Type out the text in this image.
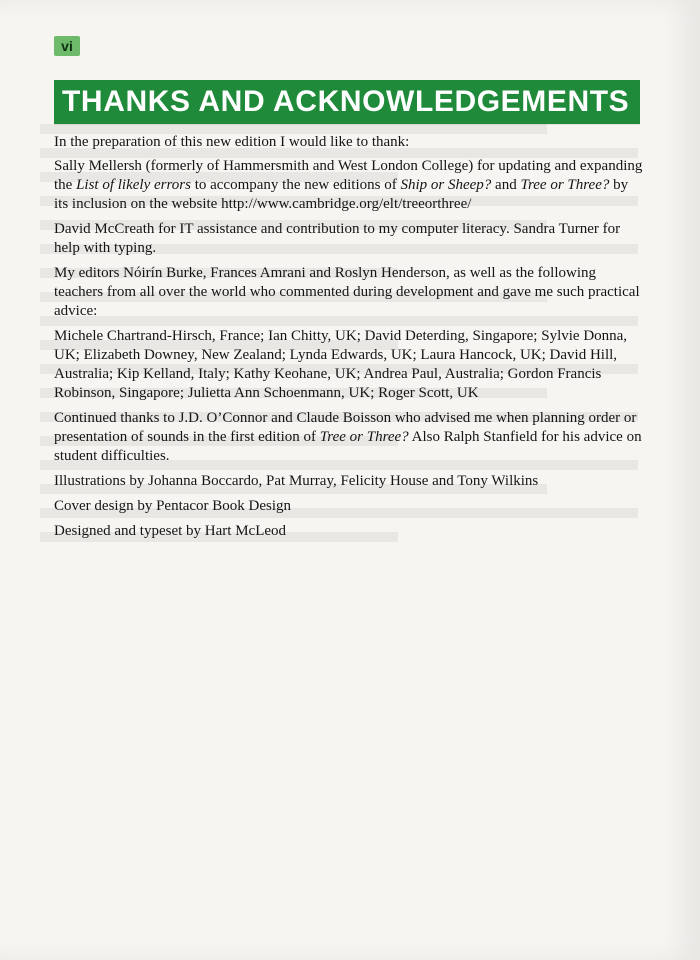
vi
THANKS AND ACKNOWLEDGEMENTS

In the preparation of this new edition I would like to thank:

Sally Mellersh (formerly of Hammersmith and West London College) for updating and expanding the List of likely errors to accompany the new editions of Ship or Sheep? and Tree or Three? by its inclusion on the website http://www.cambridge.org/elt/treeorthree/

David McCreath for IT assistance and contribution to my computer literacy. Sandra Turner for help with typing.

My editors Nóirín Burke, Frances Amrani and Roslyn Henderson, as well as the following teachers from all over the world who commented during development and gave me such practical advice:

Michele Chartrand-Hirsch, France; Ian Chitty, UK; David Deterding, Singapore; Sylvie Donna, UK; Elizabeth Downey, New Zealand; Lynda Edwards, UK; Laura Hancock, UK; David Hill, Australia; Kip Kelland, Italy; Kathy Keohane, UK; Andrea Paul, Australia; Gordon Francis Robinson, Singapore; Julietta Ann Schoenmann, UK; Roger Scott, UK

Continued thanks to J.D. O’Connor and Claude Boisson who advised me when planning order or presentation of sounds in the first edition of Tree or Three? Also Ralph Stanfield for his advice on student difficulties.

Illustrations by Johanna Boccardo, Pat Murray, Felicity House and Tony Wilkins

Cover design by Pentacor Book Design

Designed and typeset by Hart McLeod
